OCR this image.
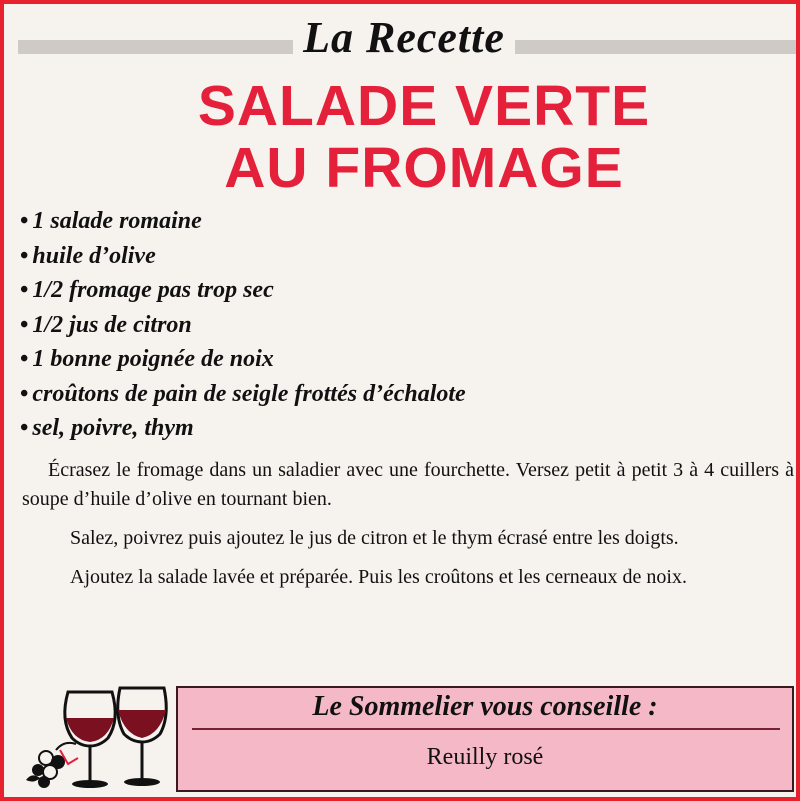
La Recette
SALADE VERTE
AU FROMAGE
• 1 salade romaine
• huile d’olive
• 1/2 fromage pas trop sec
• 1/2 jus de citron
• 1 bonne poignée de noix
• croûtons de pain de seigle frottés d’échalote
• sel, poivre, thym

Écrasez le fromage dans un saladier avec une fourchette. Versez petit à petit 3 à 4 cuillers à soupe d’huile d’olive en tournant bien.

Salez, poivrez puis ajoutez le jus de citron et le thym écrasé entre les doigts.

Ajoutez la salade lavée et préparée. Puis les croûtons et les cerneaux de noix.

Le Sommelier vous conseille :
Reuilly rosé
